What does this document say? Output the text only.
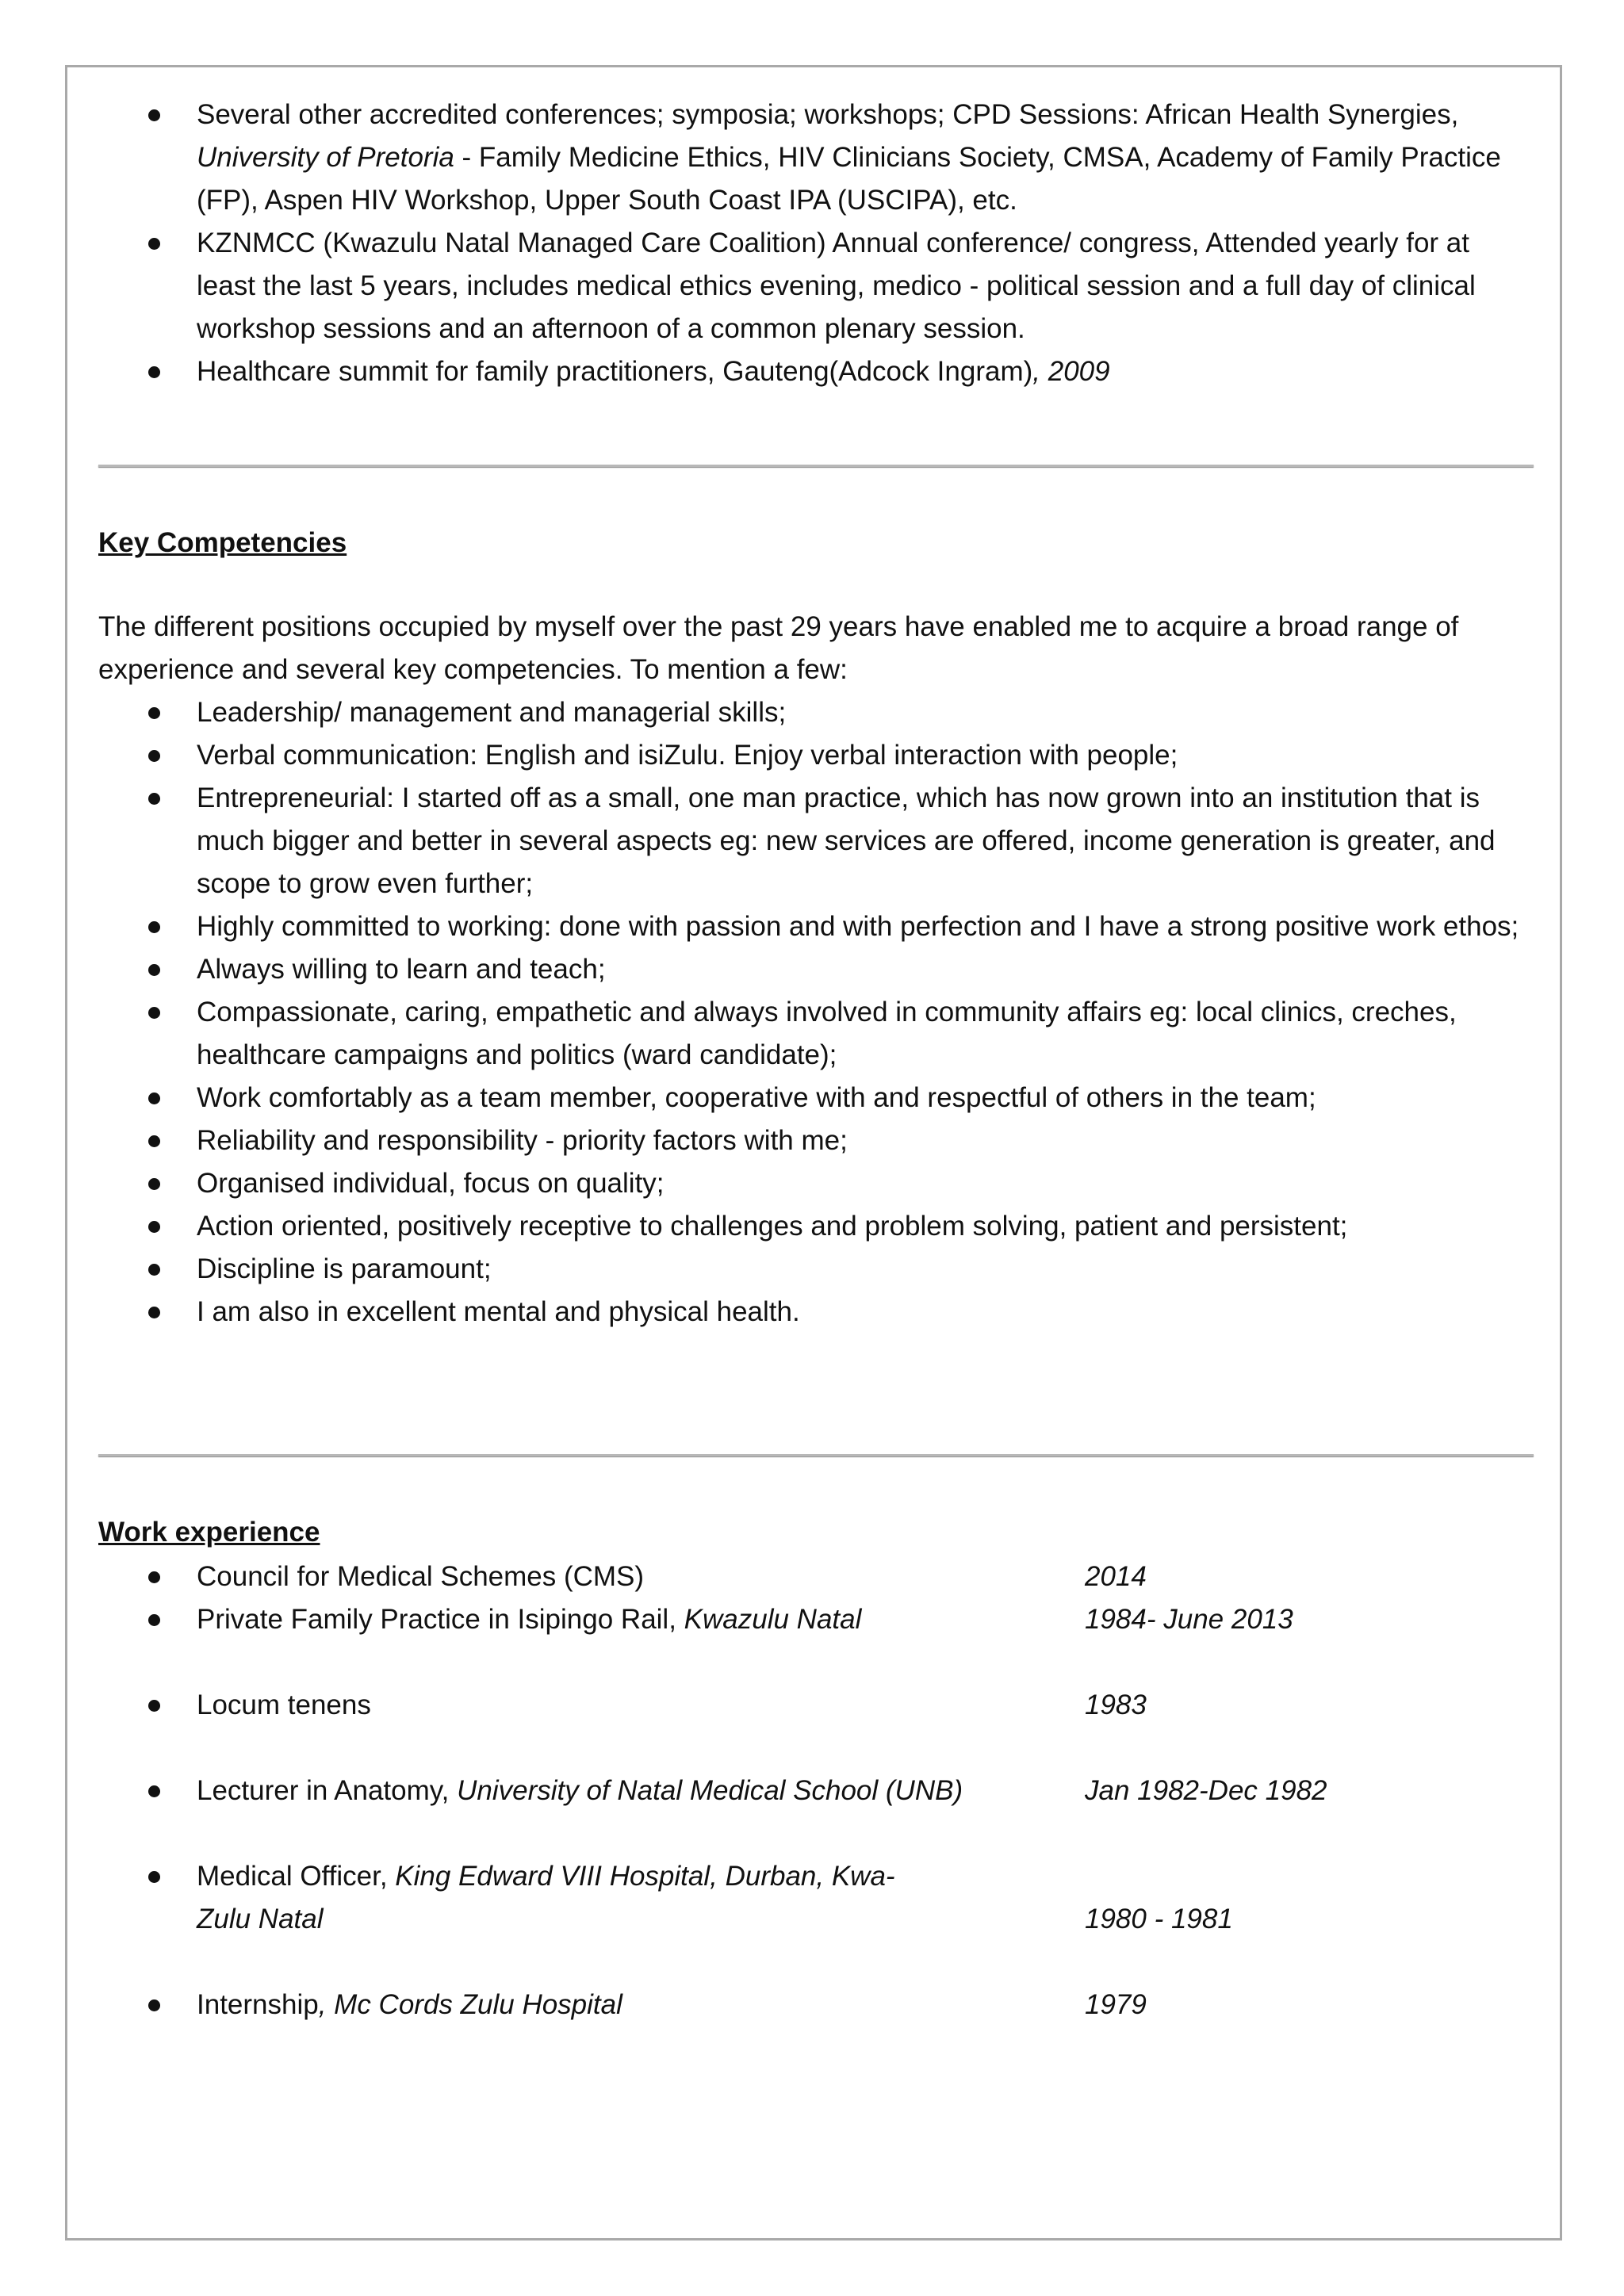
Several other accredited conferences; symposia; workshops; CPD Sessions: African Health Synergies, University of Pretoria - Family Medicine Ethics, HIV Clinicians Society, CMSA, Academy of Family Practice (FP), Aspen HIV Workshop, Upper South Coast IPA (USCIPA), etc.
KZNMCC (Kwazulu Natal Managed Care Coalition) Annual conference/ congress, Attended yearly for at least the last 5 years, includes medical ethics evening, medico - political session and a full day of clinical workshop sessions and an afternoon of a common plenary session.
Healthcare summit for family practitioners, Gauteng(Adcock Ingram), 2009
Key Competencies
The different positions occupied by myself over the past 29 years have enabled me to acquire a broad range of experience and several key competencies. To mention a few:
Leadership/ management and managerial skills;
Verbal communication: English and isiZulu. Enjoy verbal interaction with people;
Entrepreneurial: I started off as a small, one man practice, which has now grown into an institution that is much bigger and better in several aspects eg: new services are offered, income generation is greater, and scope to grow even further;
Highly committed to working: done with passion and with perfection and I have a strong positive work ethos;
Always willing to learn and teach;
Compassionate, caring, empathetic and always involved in community affairs eg: local clinics, creches, healthcare campaigns and politics (ward candidate);
Work comfortably as a team member, cooperative with and respectful of others in the team;
Reliability and responsibility - priority factors with me;
Organised individual, focus on quality;
Action oriented, positively receptive to challenges and problem solving, patient and persistent;
Discipline is paramount;
I am also in excellent mental and physical health.
Work experience
Council for Medical Schemes (CMS)	2014
Private Family Practice in Isipingo Rail, Kwazulu Natal	1984- June 2013
Locum tenens	1983
Lecturer in Anatomy, University of Natal Medical School (UNB)	Jan 1982-Dec 1982
Medical Officer, King Edward VIII Hospital, Durban, Kwa-
Zulu Natal	1980 - 1981
Internship, Mc Cords Zulu Hospital	1979
